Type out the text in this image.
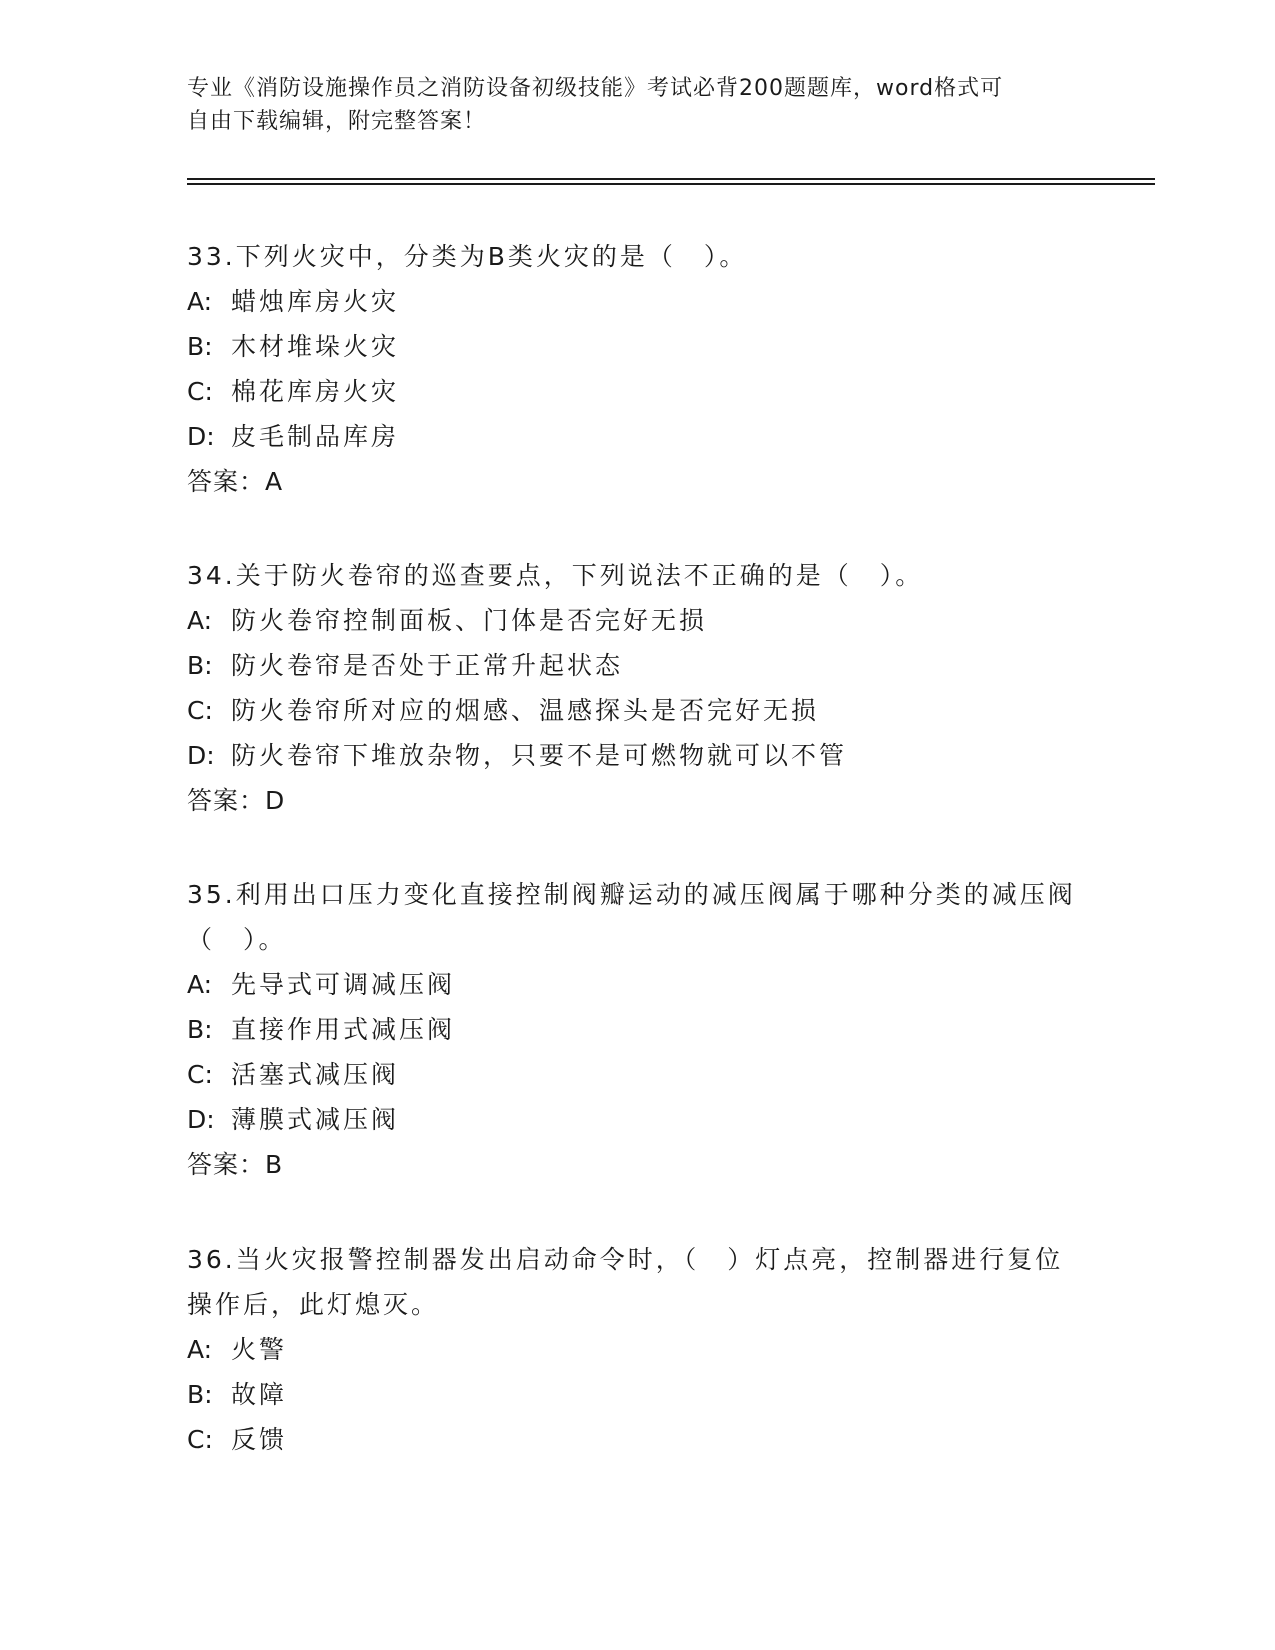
专业《消防设施操作员之消防设备初级技能》考试必背200题题库，word格式可
自由下载编辑，附完整答案！
33.下列火灾中，分类为B类火灾的是（　）。
A: 蜡烛库房火灾
B: 木材堆垛火灾
C: 棉花库房火灾
D: 皮毛制品库房
答案：A
34.关于防火卷帘的巡查要点，下列说法不正确的是（　）。
A: 防火卷帘控制面板、门体是否完好无损
B: 防火卷帘是否处于正常升起状态
C: 防火卷帘所对应的烟感、温感探头是否完好无损
D: 防火卷帘下堆放杂物，只要不是可燃物就可以不管
答案：D
35.利用出口压力变化直接控制阀瓣运动的减压阀属于哪种分类的减压阀（　）。
A: 先导式可调减压阀
B: 直接作用式减压阀
C: 活塞式减压阀
D: 薄膜式减压阀
答案：B
36.当火灾报警控制器发出启动命令时，（　）灯点亮，控制器进行复位操作后，此灯熄灭。
A: 火警
B: 故障
C: 反馈
